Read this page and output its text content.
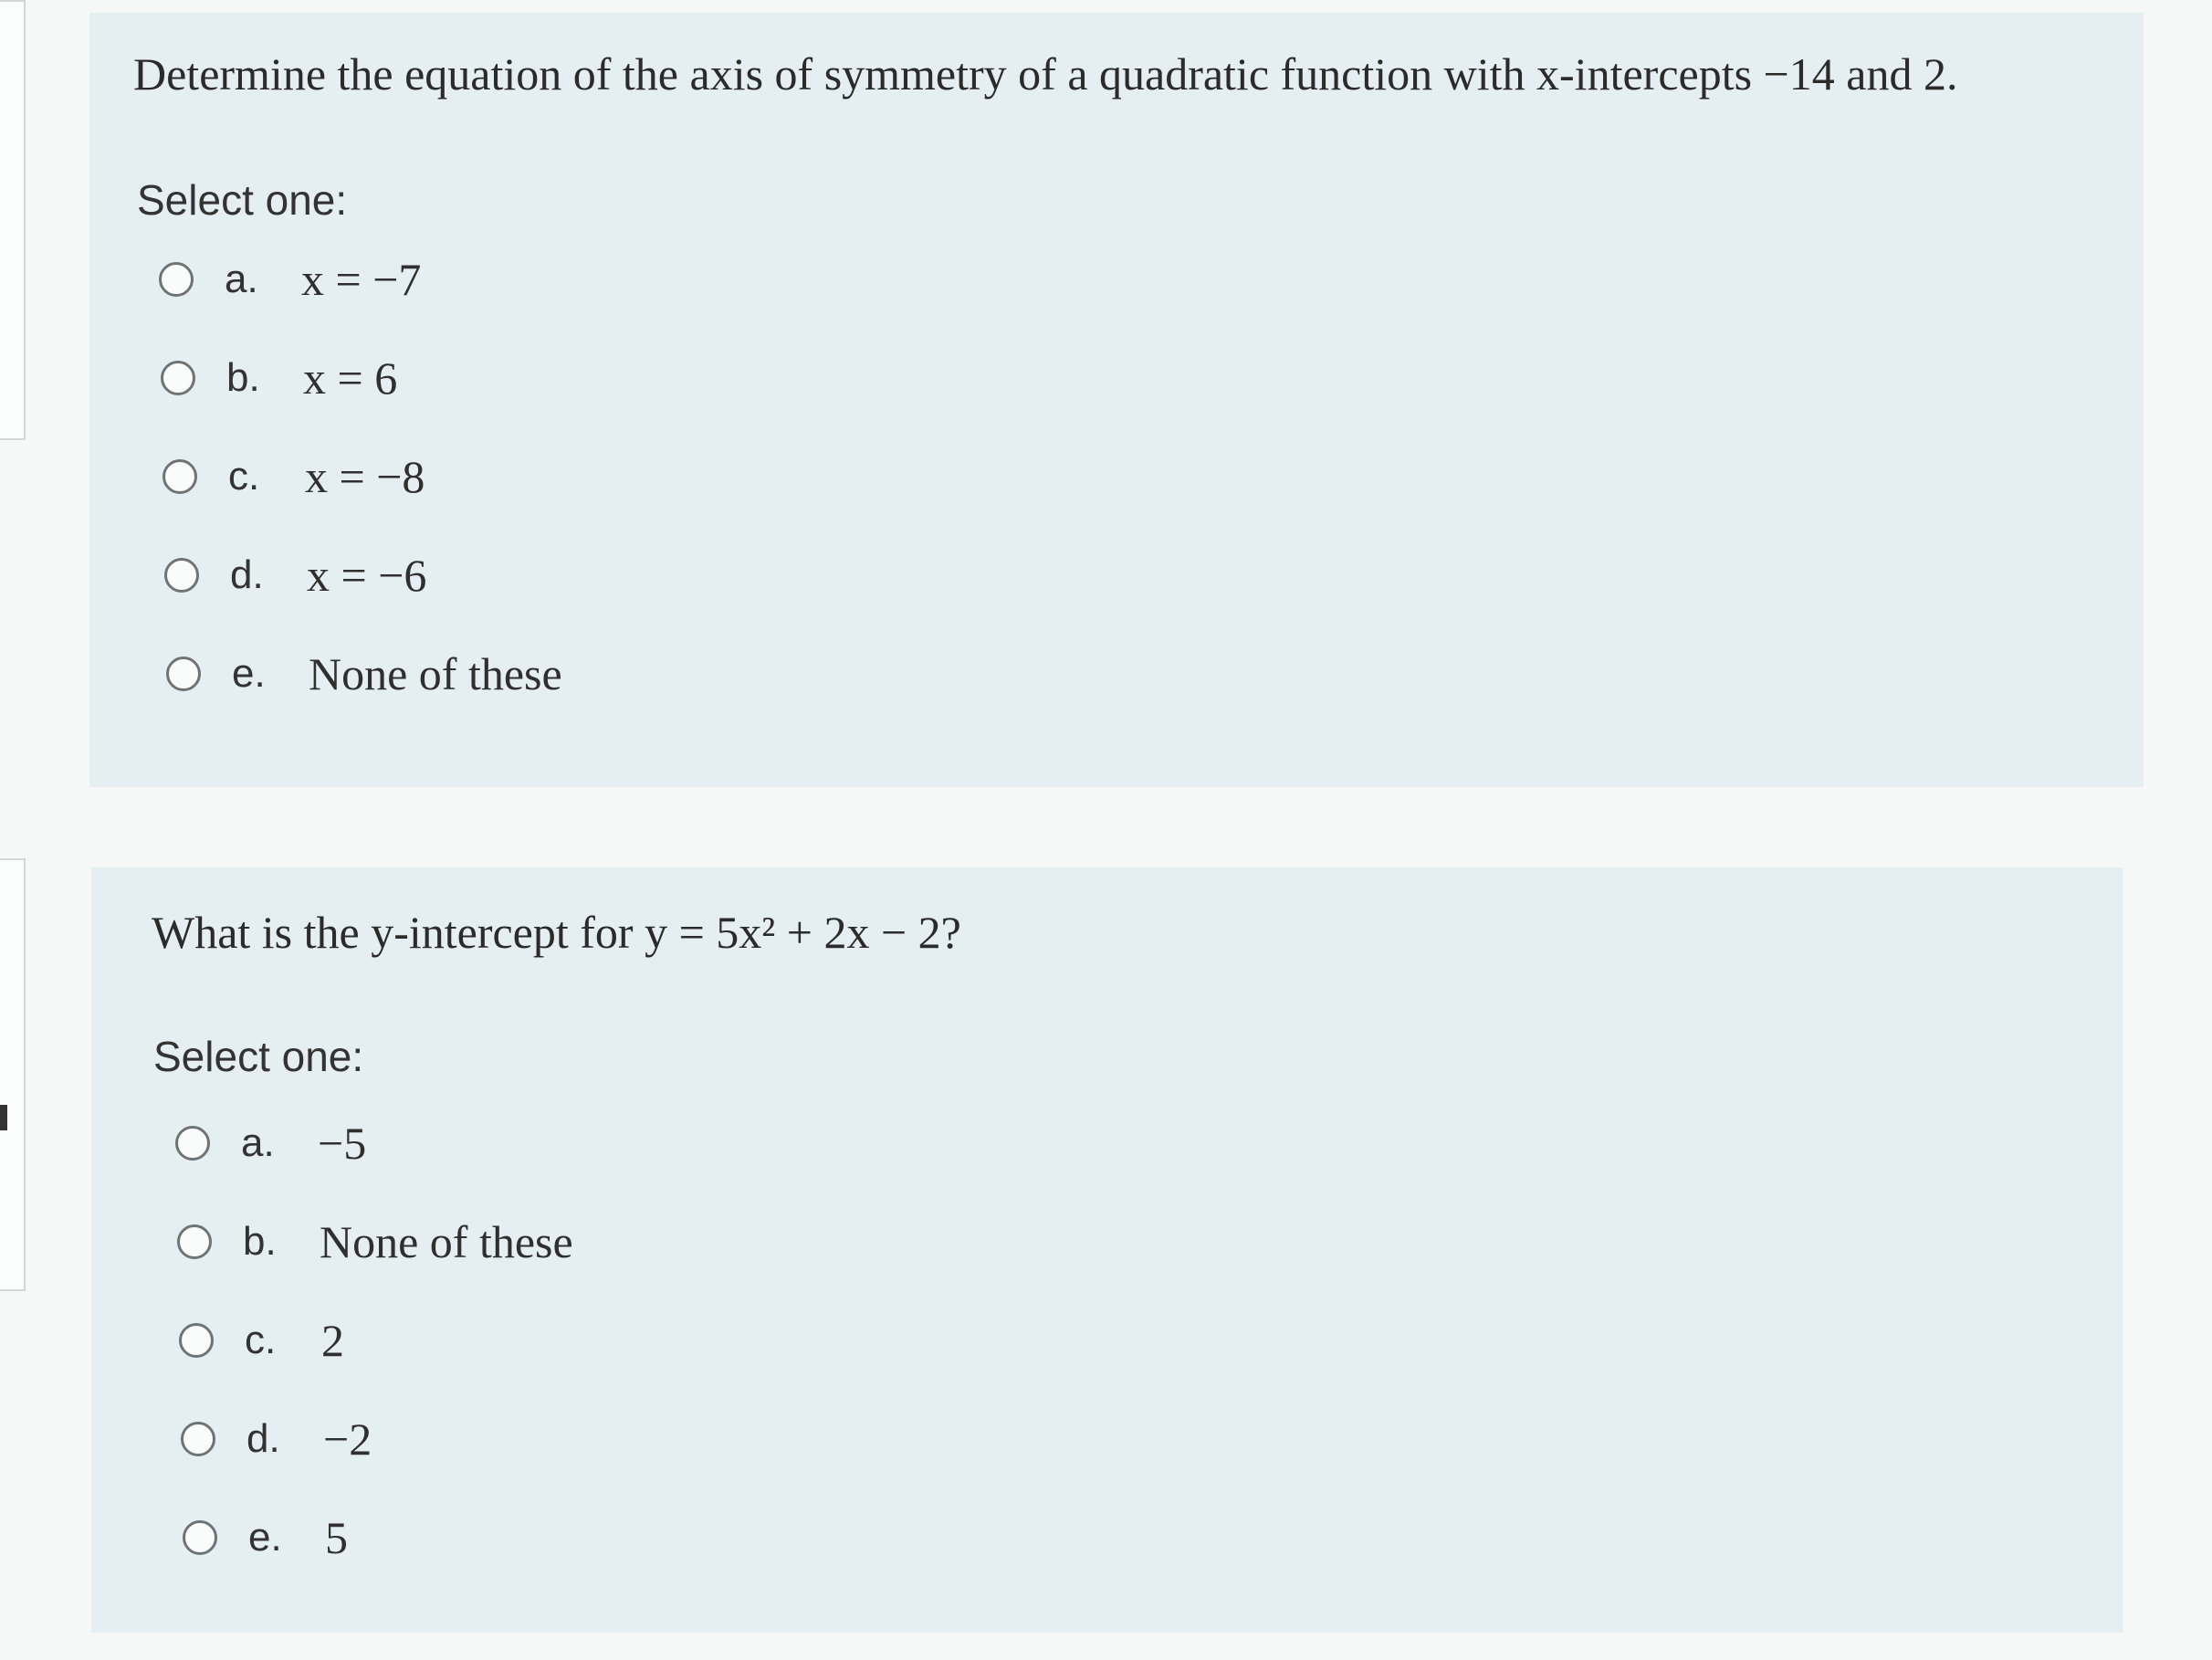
Determine the equation of the axis of symmetry of a quadratic function with x-intercepts −14 and 2.
Select one:
a. x = −7
b. x = 6
c. x = −8
d. x = −6
e. None of these
What is the y-intercept for y = 5x² + 2x − 2?
Select one:
a. −5
b. None of these
c. 2
d. −2
e. 5
